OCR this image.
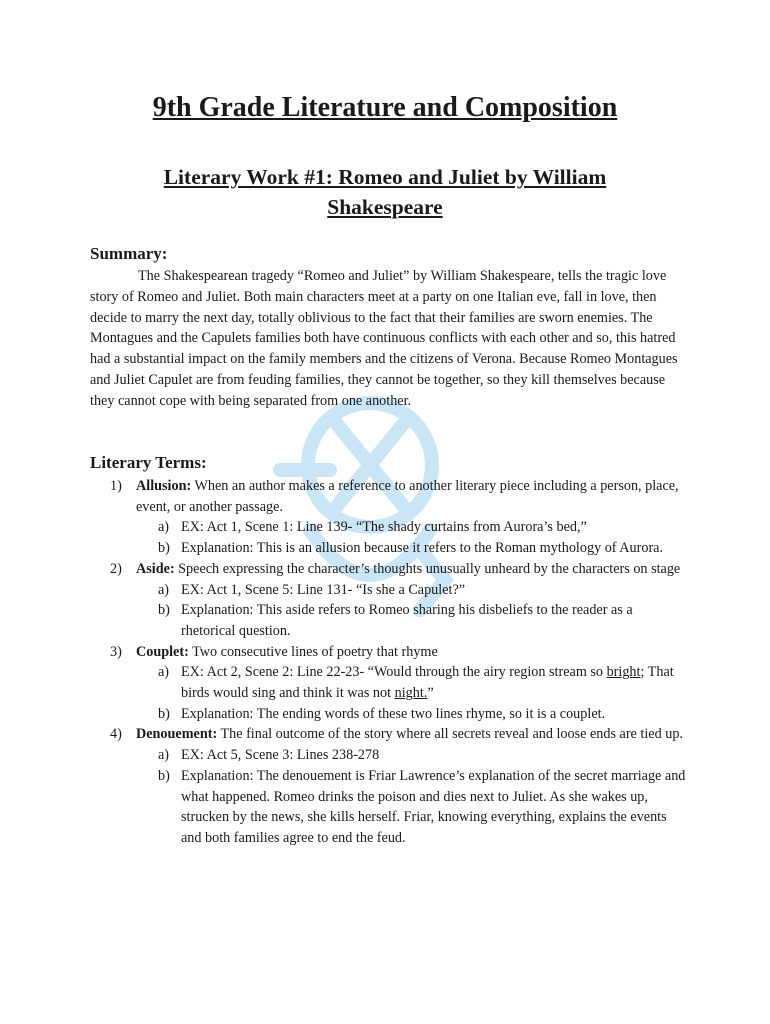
9th Grade Literature and Composition
Literary Work #1: Romeo and Juliet by William Shakespeare
Summary:

The Shakespearean tragedy “Romeo and Juliet” by William Shakespeare, tells the tragic love story of Romeo and Juliet. Both main characters meet at a party on one Italian eve, fall in love, then decide to marry the next day, totally oblivious to the fact that their families are sworn enemies. The Montagues and the Capulets families both have continuous conflicts with each other and so, this hatred had a substantial impact on the family members and the citizens of Verona. Because Romeo Montagues and Juliet Capulet are from feuding families, they cannot be together, so they kill themselves because they cannot cope with being separated from one another.

Literary Terms:
1) Allusion: When an author makes a reference to another literary piece including a person, place, event, or another passage.
a) EX: Act 1, Scene 1: Line 139- “The shady curtains from Aurora’s bed,”
b) Explanation: This is an allusion because it refers to the Roman mythology of Aurora.
2) Aside: Speech expressing the character’s thoughts unusually unheard by the characters on stage
a) EX: Act 1, Scene 5: Line 131- “Is she a Capulet?”
b) Explanation: This aside refers to Romeo sharing his disbeliefs to the reader as a rhetorical question.
3) Couplet: Two consecutive lines of poetry that rhyme
a) EX: Act 2, Scene 2: Line 22-23- “Would through the airy region stream so bright; That birds would sing and think it was not night.”
b) Explanation: The ending words of these two lines rhyme, so it is a couplet.
4) Denouement: The final outcome of the story where all secrets reveal and loose ends are tied up.
a) EX: Act 5, Scene 3: Lines 238-278
b) Explanation: The denouement is Friar Lawrence’s explanation of the secret marriage and what happened. Romeo drinks the poison and dies next to Juliet. As she wakes up, strucken by the news, she kills herself. Friar, knowing everything, explains the events and both families agree to end the feud.
